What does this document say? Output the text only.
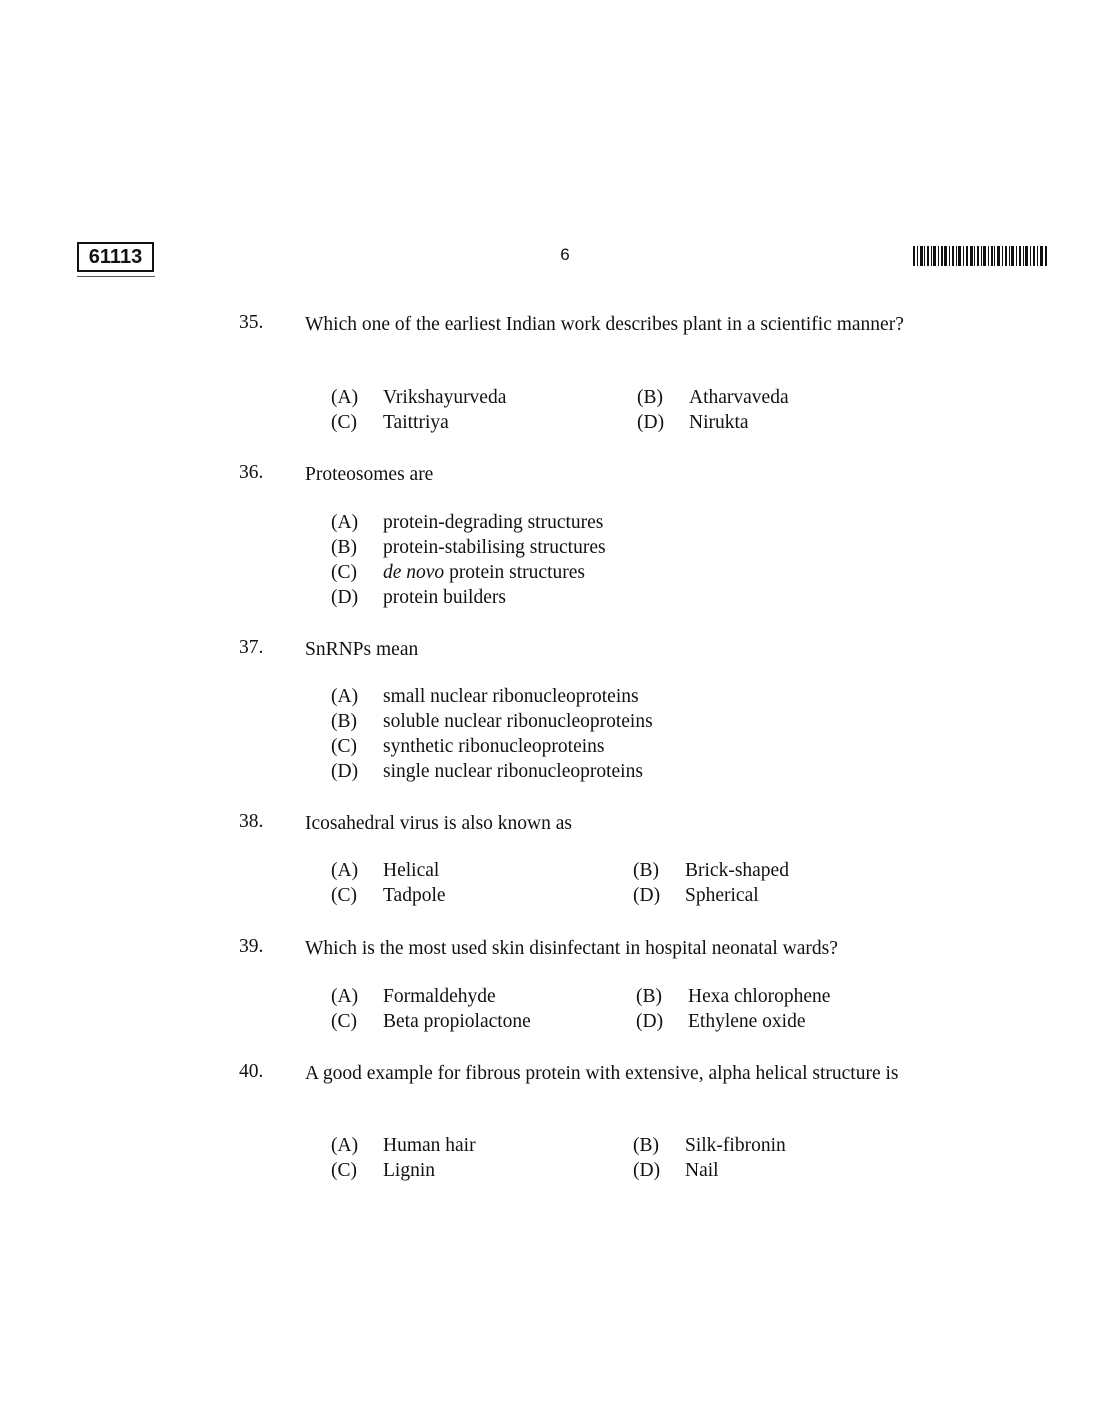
61113	6
35. Which one of the earliest Indian work describes plant in a scientific manner?
(A) Vrikshayurveda	(B) Atharvaveda
(C) Taittriya	(D) Nirukta
36. Proteosomes are
(A) protein-degrading structures
(B) protein-stabilising structures
(C) de novo protein structures
(D) protein builders
37. SnRNPs mean
(A) small nuclear ribonucleoproteins
(B) soluble nuclear ribonucleoproteins
(C) synthetic ribonucleoproteins
(D) single nuclear ribonucleoproteins
38. Icosahedral virus is also known as
(A) Helical	(B) Brick-shaped
(C) Tadpole	(D) Spherical
39. Which is the most used skin disinfectant in hospital neonatal wards?
(A) Formaldehyde	(B) Hexa chlorophene
(C) Beta propiolactone	(D) Ethylene oxide
40. A good example for fibrous protein with extensive, alpha helical structure is
(A) Human hair	(B) Silk-fibronin
(C) Lignin	(D) Nail
